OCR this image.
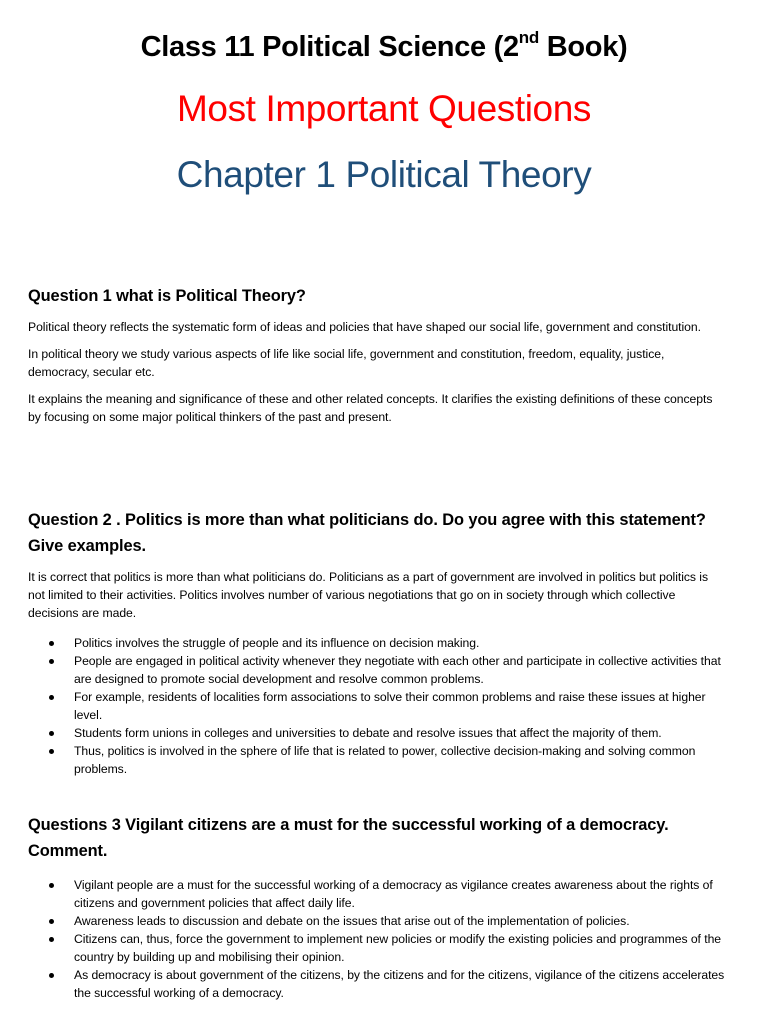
Class 11 Political Science (2nd Book)
Most Important Questions
Chapter 1 Political Theory

Question 1 what is Political Theory?

Political theory reflects the systematic form of ideas and policies that have shaped our social life, government and constitution.

In political theory we study various aspects of life like social life, government and constitution, freedom, equality, justice, democracy, secular etc.

It explains the meaning and significance of these and other related concepts. It clarifies the existing definitions of these concepts by focusing on some major political thinkers of the past and present.

Question 2 . Politics is more than what politicians do. Do you agree with this statement? Give examples.

It is correct that politics is more than what politicians do. Politicians as a part of government are involved in politics but politics is not limited to their activities. Politics involves number of various negotiations that go on in society through which collective decisions are made.

Politics involves the struggle of people and its influence on decision making.
People are engaged in political activity whenever they negotiate with each other and participate in collective activities that are designed to promote social development and resolve common problems.
For example, residents of localities form associations to solve their common problems and raise these issues at higher level.
Students form unions in colleges and universities to debate and resolve issues that affect the majority of them.
Thus, politics is involved in the sphere of life that is related to power, collective decision-making and solving common problems.

Questions 3 Vigilant citizens are a must for the successful working of a democracy. Comment.

Vigilant people are a must for the successful working of a democracy as vigilance creates awareness about the rights of citizens and government policies that affect daily life.
Awareness leads to discussion and debate on the issues that arise out of the implementation of policies.
Citizens can, thus, force the government to implement new policies or modify the existing policies and programmes of the country by building up and mobilising their opinion.
As democracy is about government of the citizens, by the citizens and for the citizens, vigilance of the citizens accelerates the successful working of a democracy.
